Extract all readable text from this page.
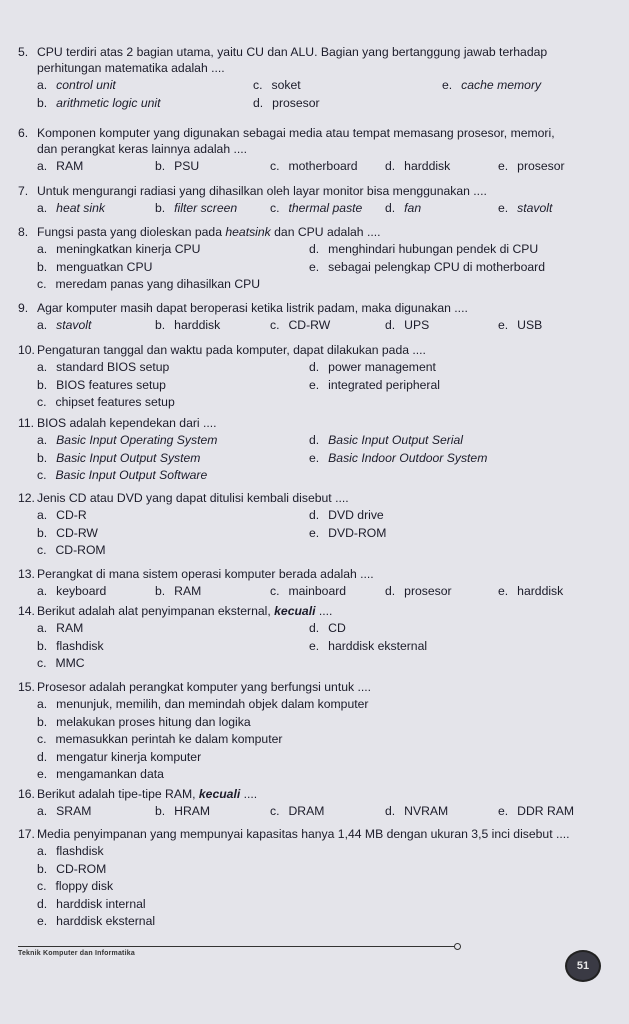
5. CPU terdiri atas 2 bagian utama, yaitu CU dan ALU. Bagian yang bertanggung jawab terhadap
perhitungan matematika adalah ....
a. control unit	c. soket	e. cache memory
b. arithmetic logic unit	d. prosesor
6. Komponen komputer yang digunakan sebagai media atau tempat memasang prosesor, memori,
dan perangkat keras lainnya adalah ....
a. RAM	b. PSU	c. motherboard d. harddisk	e. prosesor
7. Untuk mengurangi radiasi yang dihasilkan oleh layar monitor bisa menggunakan ....
a. heat sink	b. filter screen	c. thermal paste d. fan	e. stavolt
8. Fungsi pasta yang dioleskan pada heatsink dan CPU adalah ....
a. meningkatkan kinerja CPU	d. menghindari hubungan pendek di CPU
b. menguatkan CPU	e. sebagai pelengkap CPU di motherboard
c. meredam panas yang dihasilkan CPU
9. Agar komputer masih dapat beroperasi ketika listrik padam, maka digunakan ....
a. stavolt	b. harddisk	c. CD-RW	d. UPS	e. USB
10. Pengaturan tanggal dan waktu pada komputer, dapat dilakukan pada ....
a. standard BIOS setup	d. power management
b. BIOS features setup	e. integrated peripheral
c. chipset features setup
11. BIOS adalah kependekan dari ....
a. Basic Input Operating System	d. Basic Input Output Serial
b. Basic Input Output System	e. Basic Indoor Outdoor System
c. Basic Input Output Software
12. Jenis CD atau DVD yang dapat ditulisi kembali disebut ....
a. CD-R	d. DVD drive
b. CD-RW	e. DVD-ROM
c. CD-ROM
13. Perangkat di mana sistem operasi komputer berada adalah ....
a. keyboard	b. RAM	c. mainboard	d. prosesor	e. harddisk
14. Berikut adalah alat penyimpanan eksternal, kecuali ....
a. RAM	d. CD
b. flashdisk	e. harddisk eksternal
c. MMC
15. Prosesor adalah perangkat komputer yang berfungsi untuk ....
a. menunjuk, memilih, dan memindah objek dalam komputer
b. melakukan proses hitung dan logika
c. memasukkan perintah ke dalam komputer
d. mengatur kinerja komputer
e. mengamankan data
16. Berikut adalah tipe-tipe RAM, kecuali ....
a. SRAM	b. HRAM	c. DRAM	d. NVRAM	e. DDR RAM
17. Media penyimpanan yang mempunyai kapasitas hanya 1,44 MB dengan ukuran 3,5 inci disebut ....
a. flashdisk
b. CD-ROM
c. floppy disk
d. harddisk internal
e. harddisk eksternal
Teknik Komputer dan Informatika
51
